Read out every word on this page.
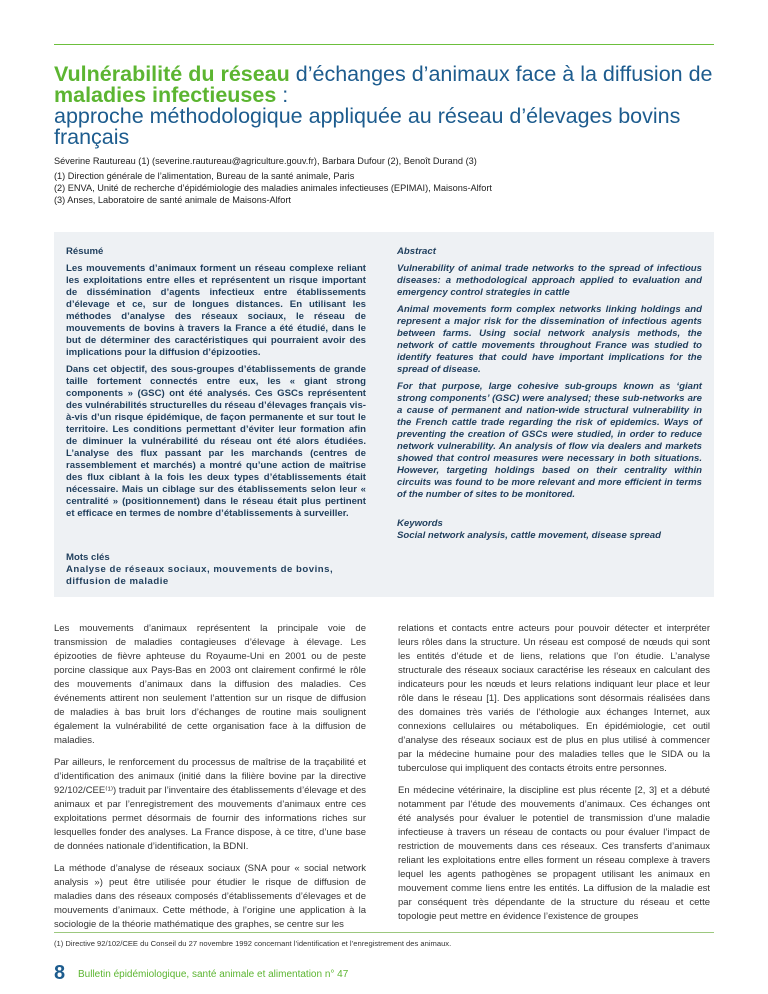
Vulnérabilité du réseau d’échanges d’animaux face à la diffusion de maladies infectieuses :
approche méthodologique appliquée au réseau d’élevages bovins français
Séverine Rautureau (1) (severine.rautureau@agriculture.gouv.fr), Barbara Dufour (2), Benoît Durand (3)
(1) Direction générale de l’alimentation, Bureau de la santé animale, Paris
(2) ENVA, Unité de recherche d’épidémiologie des maladies animales infectieuses (EPIMAI), Maisons-Alfort
(3) Anses, Laboratoire de santé animale de Maisons-Alfort

Résumé

Les mouvements d’animaux forment un réseau complexe reliant les exploitations entre elles et représentent un risque important de dissémination d’agents infectieux entre établissements d’élevage et ce, sur de longues distances. En utilisant les méthodes d’analyse des réseaux sociaux, le réseau de mouvements de bovins à travers la France a été étudié, dans le but de déterminer des caractéristiques qui pourraient avoir des implications pour la diffusion d’épizooties.

Dans cet objectif, des sous-groupes d’établissements de grande taille fortement connectés entre eux, les « giant strong components » (GSC) ont été analysés. Ces GSCs représentent des vulnérabilités structurelles du réseau d’élevages français vis-à-vis d’un risque épidémique, de façon permanente et sur tout le territoire. Les conditions permettant d’éviter leur formation afin de diminuer la vulnérabilité du réseau ont été alors étudiées. L’analyse des flux passant par les marchands (centres de rassemblement et marchés) a montré qu’une action de maîtrise des flux ciblant à la fois les deux types d’établissements était nécessaire. Mais un ciblage sur des établissements selon leur « centralité » (positionnement) dans le réseau était plus pertinent et efficace en termes de nombre d’établissements à surveiller.

Abstract

Vulnerability of animal trade networks to the spread of infectious diseases: a methodological approach applied to evaluation and emergency control strategies in cattle

Animal movements form complex networks linking holdings and represent a major risk for the dissemination of infectious agents between farms. Using social network analysis methods, the network of cattle movements throughout France was studied to identify features that could have important implications for the spread of disease.

For that purpose, large cohesive sub-groups known as ‘giant strong components’ (GSC) were analysed; these sub-networks are a cause of permanent and nation-wide structural vulnerability in the French cattle trade regarding the risk of epidemics. Ways of preventing the creation of GSCs were studied, in order to reduce network vulnerability. An analysis of flow via dealers and markets showed that control measures were necessary in both situations. However, targeting holdings based on their centrality within circuits was found to be more relevant and more efficient in terms of the number of sites to be monitored.

Keywords
Social network analysis, cattle movement, disease spread
Mots clés
Analyse de réseaux sociaux, mouvements de bovins, diffusion de maladie

Les mouvements d’animaux représentent la principale voie de transmission de maladies contagieuses d’élevage à élevage. Les épizooties de fièvre aphteuse du Royaume-Uni en 2001 ou de peste porcine classique aux Pays-Bas en 2003 ont clairement confirmé le rôle des mouvements d’animaux dans la diffusion des maladies. Ces événements attirent non seulement l’attention sur un risque de diffusion de maladies à bas bruit lors d’échanges de routine mais soulignent également la vulnérabilité de cette organisation face à la diffusion de maladies.

Par ailleurs, le renforcement du processus de maîtrise de la traçabilité et d’identification des animaux (initié dans la filière bovine par la directive 92/102/CEE⁽¹⁾) traduit par l’inventaire des établissements d’élevage et des animaux et par l’enregistrement des mouvements d’animaux entre ces exploitations permet désormais de fournir des informations riches sur lesquelles fonder des analyses. La France dispose, à ce titre, d’une base de données nationale d’identification, la BDNI.

La méthode d’analyse de réseaux sociaux (SNA pour « social network analysis ») peut être utilisée pour étudier le risque de diffusion de maladies dans des réseaux composés d’établissements d’élevages et de mouvements d’animaux. Cette méthode, à l’origine une application à la sociologie de la théorie mathématique des graphes, se centre sur les

relations et contacts entre acteurs pour pouvoir détecter et interpréter leurs rôles dans la structure. Un réseau est composé de nœuds qui sont les entités d’étude et de liens, relations que l’on étudie. L’analyse structurale des réseaux sociaux caractérise les réseaux en calculant des indicateurs pour les nœuds et leurs relations indiquant leur place et leur rôle dans le réseau [1]. Des applications sont désormais réalisées dans des domaines très variés de l’éthologie aux échanges Internet, aux connexions cellulaires ou métaboliques. En épidémiologie, cet outil d’analyse des réseaux sociaux est de plus en plus utilisé à commencer par la médecine humaine pour des maladies telles que le SIDA ou la tuberculose qui impliquent des contacts étroits entre personnes.

En médecine vétérinaire, la discipline est plus récente [2, 3] et a débuté notamment par l’étude des mouvements d’animaux. Ces échanges ont été analysés pour évaluer le potentiel de transmission d’une maladie infectieuse à travers un réseau de contacts ou pour évaluer l’impact de restriction de mouvements dans ces réseaux. Ces transferts d’animaux reliant les exploitations entre elles forment un réseau complexe à travers lequel les agents pathogènes se propagent utilisant les animaux en mouvement comme liens entre les entités. La diffusion de la maladie est par conséquent très dépendante de la structure du réseau et cette topologie peut mettre en évidence l’existence de groupes

(1) Directive 92/102/CEE du Conseil du 27 novembre 1992 concernant l’identification et l’enregistrement des animaux.
8 Bulletin épidémiologique, santé animale et alimentation n° 47
